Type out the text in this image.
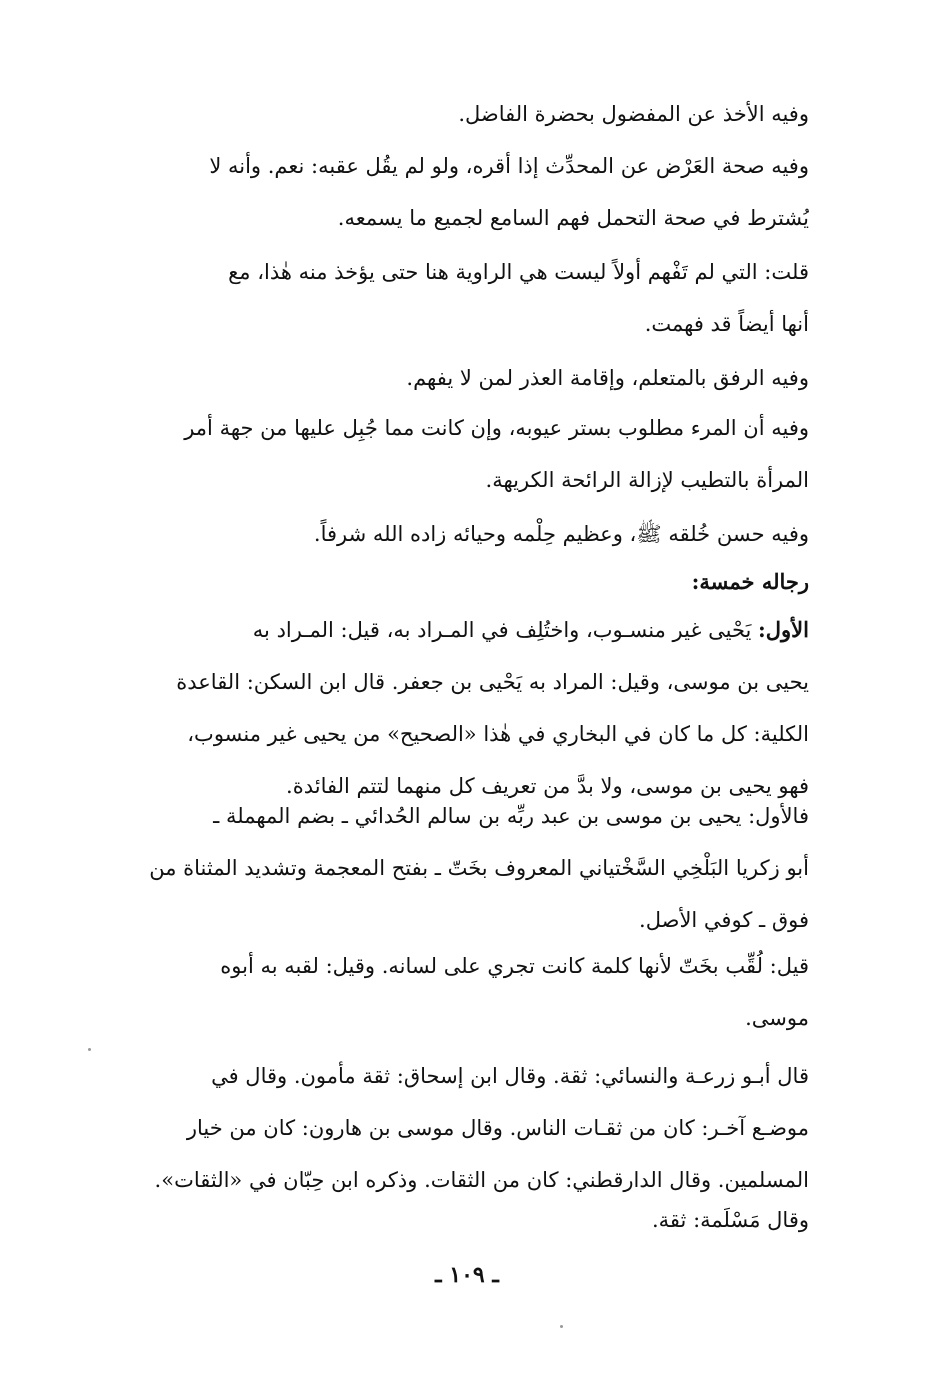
وفيه الأخذ عن المفضول بحضرة الفاضل.
وفيه صحة العَرْض عن المحدِّث إذا أقره، ولو لم يقُل عقبه: نعم. وأنه لا
يُشترط في صحة التحمل فهم السامع لجميع ما يسمعه.
قلت: التي لم تَفْهم أولاً ليست هي الراوية هنا حتى يؤخذ منه هٰذا، مع
أنها أيضاً قد فهمت.
وفيه الرفق بالمتعلم، وإقامة العذر لمن لا يفهم.
وفيه أن المرء مطلوب بستر عيوبه، وإن كانت مما جُبِل عليها من جهة أمر
المرأة بالتطيب لإزالة الرائحة الكريهة.
وفيه حسن خُلقه ﷺ، وعظيم حِلْمه وحيائه زاده الله شرفاً.
رجاله خمسة:
الأول: يَحْيى غير منسـوب، واختُلِف في المـراد به، قيل: المـراد به
يحيى بن موسى، وقيل: المراد به يَحْيى بن جعفر. قال ابن السكن: القاعدة
الكلية: كل ما كان في البخاري في هٰذا «الصحيح» من يحيى غير منسوب،
فهو يحيى بن موسى، ولا بدَّ من تعريف كل منهما لتتم الفائدة.
فالأول: يحيى بن موسى بن عبد ربِّه بن سالم الحُدائي ـ بضم المهملة ـ
أبو زكريا البَلْخِي السَّخْتياني المعروف بخَتّ ـ بفتح المعجمة وتشديد المثناة من
فوق ـ كوفي الأصل.
قيل: لُقِّب بخَتّ لأنها كلمة كانت تجري على لسانه. وقيل: لقبه به أبوه
موسى.
قال أبـو زرعـة والنسائي: ثقة. وقال ابن إسحاق: ثقة مأمون. وقال في
موضـع آخـر: كان من ثقـات الناس. وقال موسى بن هارون: كان من خيار
المسلمين. وقال الدارقطني: كان من الثقات. وذكره ابن حِبّان في «الثقات».
وقال مَسْلَمة: ثقة.
ـ ١٠٩ ـ
